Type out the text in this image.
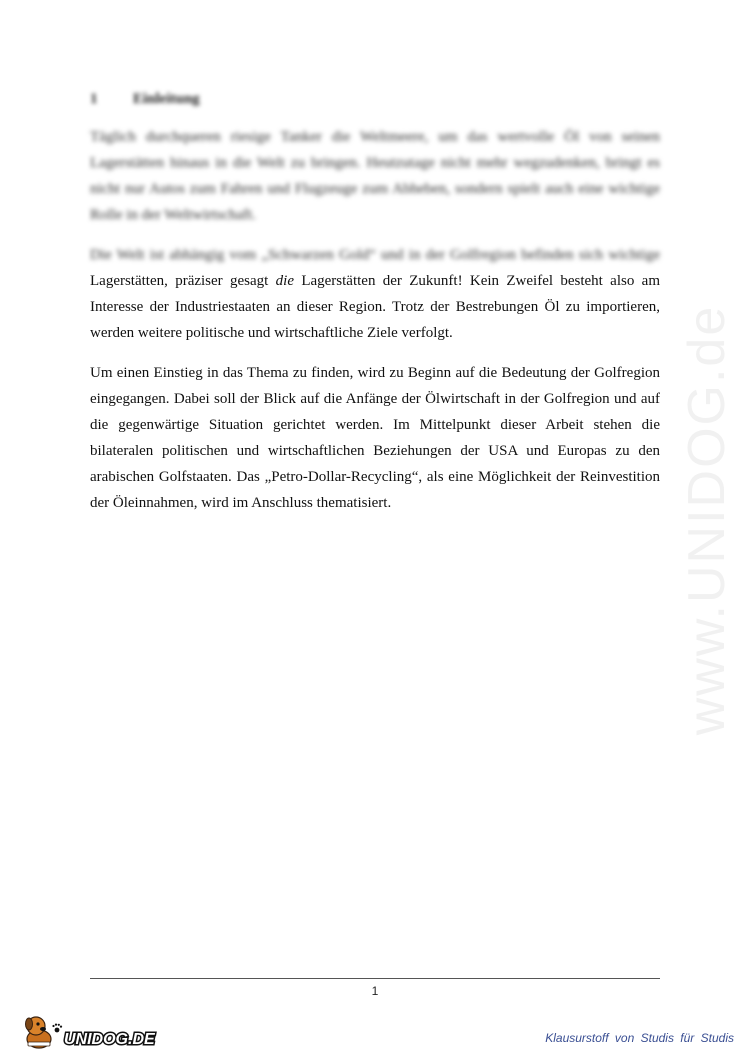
www.UNIDOG.de
1 Einleitung
Täglich durchqueren riesige Tanker die Weltmeere, um das wertvolle Öl von seinen
Lagerstätten hinaus in die Welt zu bringen. Heutzutage nicht mehr wegzudenken, bringt es
nicht nur Autos zum Fahren und Flugzeuge zum Abheben, sondern spielt auch eine wichtige
Rolle in der Weltwirtschaft.
Die Welt ist abhängig vom „Schwarzen Gold“ und in der Golfregion befinden sich wichtige
Lagerstätten, präziser gesagt die Lagerstätten der Zukunft! Kein Zweifel besteht also am
Interesse der Industriestaaten an dieser Region. Trotz der Bestrebungen Öl zu importieren,
werden weitere politische und wirtschaftliche Ziele verfolgt.
Um einen Einstieg in das Thema zu finden, wird zu Beginn auf die Bedeutung der Golfregion
eingegangen. Dabei soll der Blick auf die Anfänge der Ölwirtschaft in der Golfregion und auf
die gegenwärtige Situation gerichtet werden. Im Mittelpunkt dieser Arbeit stehen die
bilateralen politischen und wirtschaftlichen Beziehungen der USA und Europas zu den
arabischen Golfstaaten. Das „Petro-Dollar-Recycling“, als eine Möglichkeit der Reinvestition
der Öleinnahmen, wird im Anschluss thematisiert.
1
UNIDOG.DE	Klausurstoff von Studis für Studis
